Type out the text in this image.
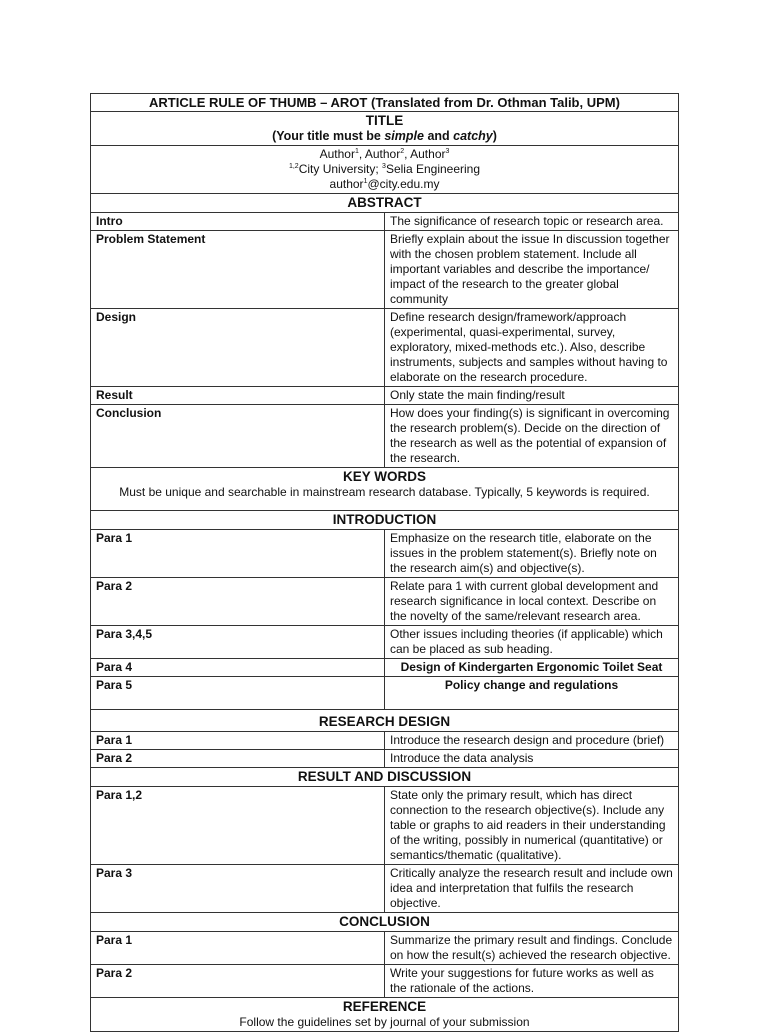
ARTICLE RULE OF THUMB – AROT (Translated from Dr. Othman Talib, UPM)	

TITLE
(Your title must be simple and catchy)	

Author$^1$, Author$^2$, Author$^3$
$^{1,2}$City University; $^3$Selia Engineering
author$^1$@city.edu.my	

ABSTRACT	
Intro	The significance of research topic or research area.
Problem Statement	Briefly explain about the issue In discussion together with the chosen problem statement. Include all important variables and describe the importance/ impact of the research to the greater global community
Design	Define research design/framework/approach (experimental, quasi-experimental, survey, exploratory, mixed-methods etc.). Also, describe instruments, subjects and samples without having to elaborate on the research procedure.
Result	Only state the main finding/result
Conclusion	How does your finding(s) is significant in overcoming the research problem(s). Decide on the direction of the research as well as the potential of expansion of the research.

KEY WORDS
Must be unique and searchable in mainstream research database. Typically, 5 keywords is required.	

INTRODUCTION	
Para 1	Emphasize on the research title, elaborate on the issues in the problem statement(s). Briefly note on the research aim(s) and objective(s).
Para 2	Relate para 1 with current global development and research significance in local context. Describe on the novelty of the same/relevant research area.
Para 3,4,5	Other issues including theories (if applicable) which can be placed as sub heading.
Para 4	Design of Kindergarten Ergonomic Toilet Seat
Para 5	Policy change and regulations
RESEARCH DESIGN	
Para 1	Introduce the research design and procedure (brief)
Para 2	Introduce the data analysis
RESULT AND DISCUSSION	
Para 1,2	State only the primary result, which has direct connection to the research objective(s). Include any table or graphs to aid readers in their understanding of the writing, possibly in numerical (quantitative) or semantics/thematic (qualitative).
Para 3	Critically analyze the research result and include own idea and interpretation that fulfils the research objective.
CONCLUSION	
Para 1	Summarize the primary result and findings. Conclude on how the result(s) achieved the research objective.
Para 2	Write your suggestions for future works as well as the rationale of the actions.

REFERENCE
Follow the guidelines set by journal of your submission	
